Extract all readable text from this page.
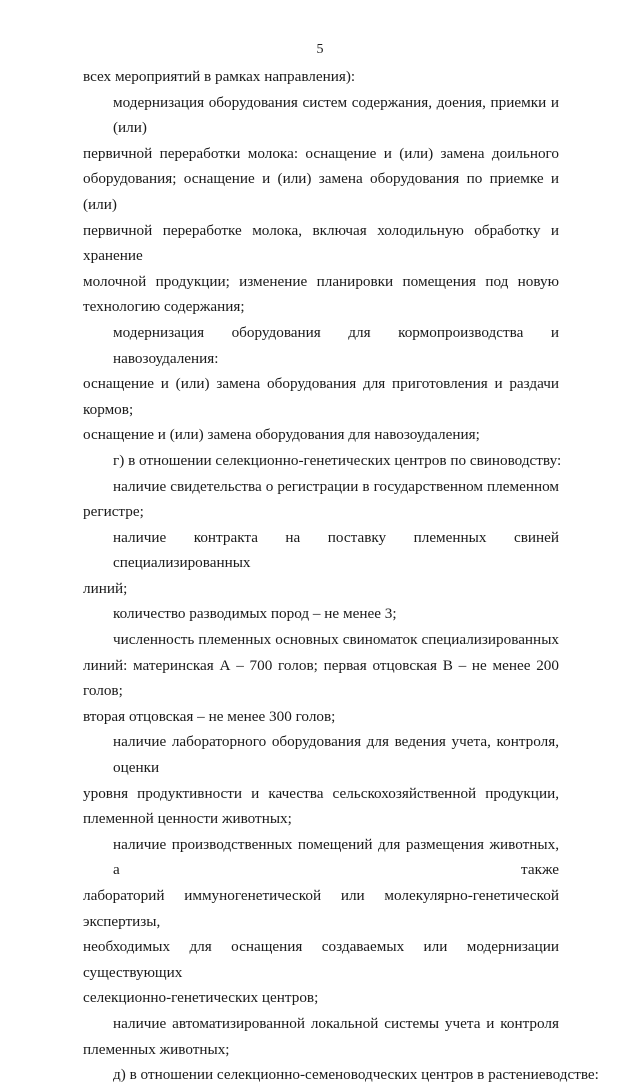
5
всех мероприятий в рамках направления):
модернизация оборудования систем содержания, доения, приемки и (или)
первичной переработки молока: оснащение и (или) замена доильного
оборудования; оснащение и (или) замена оборудования по приемке и (или)
первичной переработке молока, включая холодильную обработку и хранение
молочной продукции; изменение планировки помещения под новую
технологию содержания;
модернизация оборудования для кормопроизводства и навозоудаления:
оснащение и (или) замена оборудования для приготовления и раздачи кормов;
оснащение и (или) замена оборудования для навозоудаления;
г) в отношении селекционно-генетических центров по свиноводству:
наличие свидетельства о регистрации в государственном племенном
регистре;
наличие контракта на поставку племенных свиней специализированных
линий;
количество разводимых пород – не менее 3;
численность племенных основных свиноматок специализированных
линий: материнская А – 700 голов; первая отцовская В – не менее 200 голов;
вторая отцовская – не менее 300 голов;
наличие лабораторного оборудования для ведения учета, контроля, оценки
уровня продуктивности и качества сельскохозяйственной продукции,
племенной ценности животных;
наличие производственных помещений для размещения животных, а также
лабораторий иммуногенетической или молекулярно-генетической экспертизы,
необходимых для оснащения создаваемых или модернизации существующих
селекционно-генетических центров;
наличие автоматизированной локальной системы учета и контроля
племенных животных;
д) в отношении селекционно-семеноводческих центров в растениеводстве:
